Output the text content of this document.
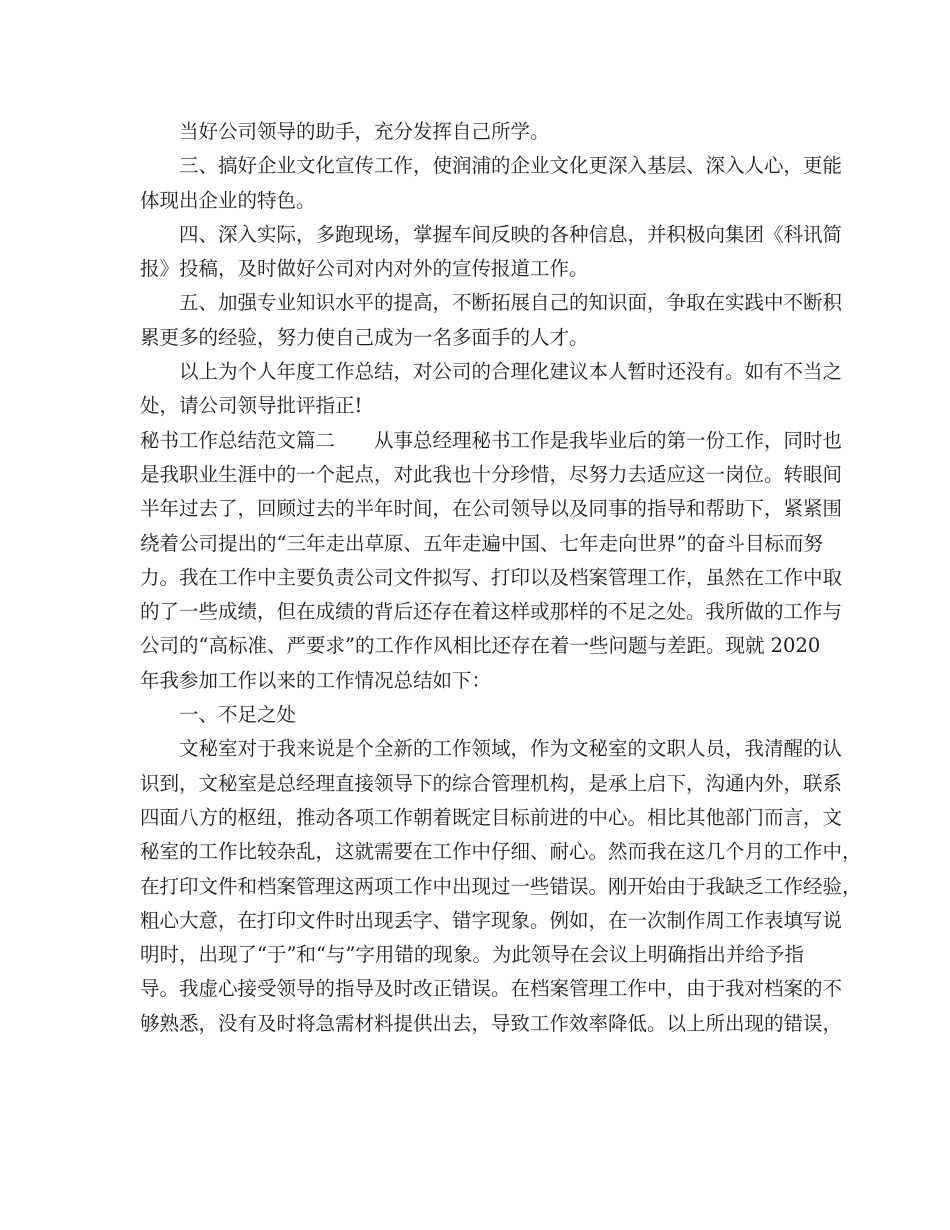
当好公司领导的助手，充分发挥自己所学。
三、搞好企业文化宣传工作，使润浦的企业文化更深入基层、深入人心，更能
体现出企业的特色。
四、深入实际，多跑现场，掌握车间反映的各种信息，并积极向集团《科讯简
报》投稿，及时做好公司对内对外的宣传报道工作。
五、加强专业知识水平的提高，不断拓展自己的知识面，争取在实践中不断积
累更多的经验，努力使自己成为一名多面手的人才。
以上为个人年度工作总结，对公司的合理化建议本人暂时还没有。如有不当之
处，请公司领导批评指正!
秘书工作总结范文篇二　　从事总经理秘书工作是我毕业后的第一份工作，同时也
是我职业生涯中的一个起点，对此我也十分珍惜，尽努力去适应这一岗位。转眼间
半年过去了，回顾过去的半年时间，在公司领导以及同事的指导和帮助下，紧紧围
绕着公司提出的“三年走出草原、五年走遍中国、七年走向世界”的奋斗目标而努
力。我在工作中主要负责公司文件拟写、打印以及档案管理工作，虽然在工作中取
的了一些成绩，但在成绩的背后还存在着这样或那样的不足之处。我所做的工作与
公司的“高标准、严要求”的工作作风相比还存在着一些问题与差距。现就 2020
年我参加工作以来的工作情况总结如下：
一、不足之处
文秘室对于我来说是个全新的工作领域，作为文秘室的文职人员，我清醒的认
识到，文秘室是总经理直接领导下的综合管理机构，是承上启下，沟通内外，联系
四面八方的枢纽，推动各项工作朝着既定目标前进的中心。相比其他部门而言，文
秘室的工作比较杂乱，这就需要在工作中仔细、耐心。然而我在这几个月的工作中，
在打印文件和档案管理这两项工作中出现过一些错误。刚开始由于我缺乏工作经验，
粗心大意，在打印文件时出现丢字、错字现象。例如，在一次制作周工作表填写说
明时，出现了“于”和“与”字用错的现象。为此领导在会议上明确指出并给予指
导。我虚心接受领导的指导及时改正错误。在档案管理工作中，由于我对档案的不
够熟悉，没有及时将急需材料提供出去，导致工作效率降低。以上所出现的错误，
